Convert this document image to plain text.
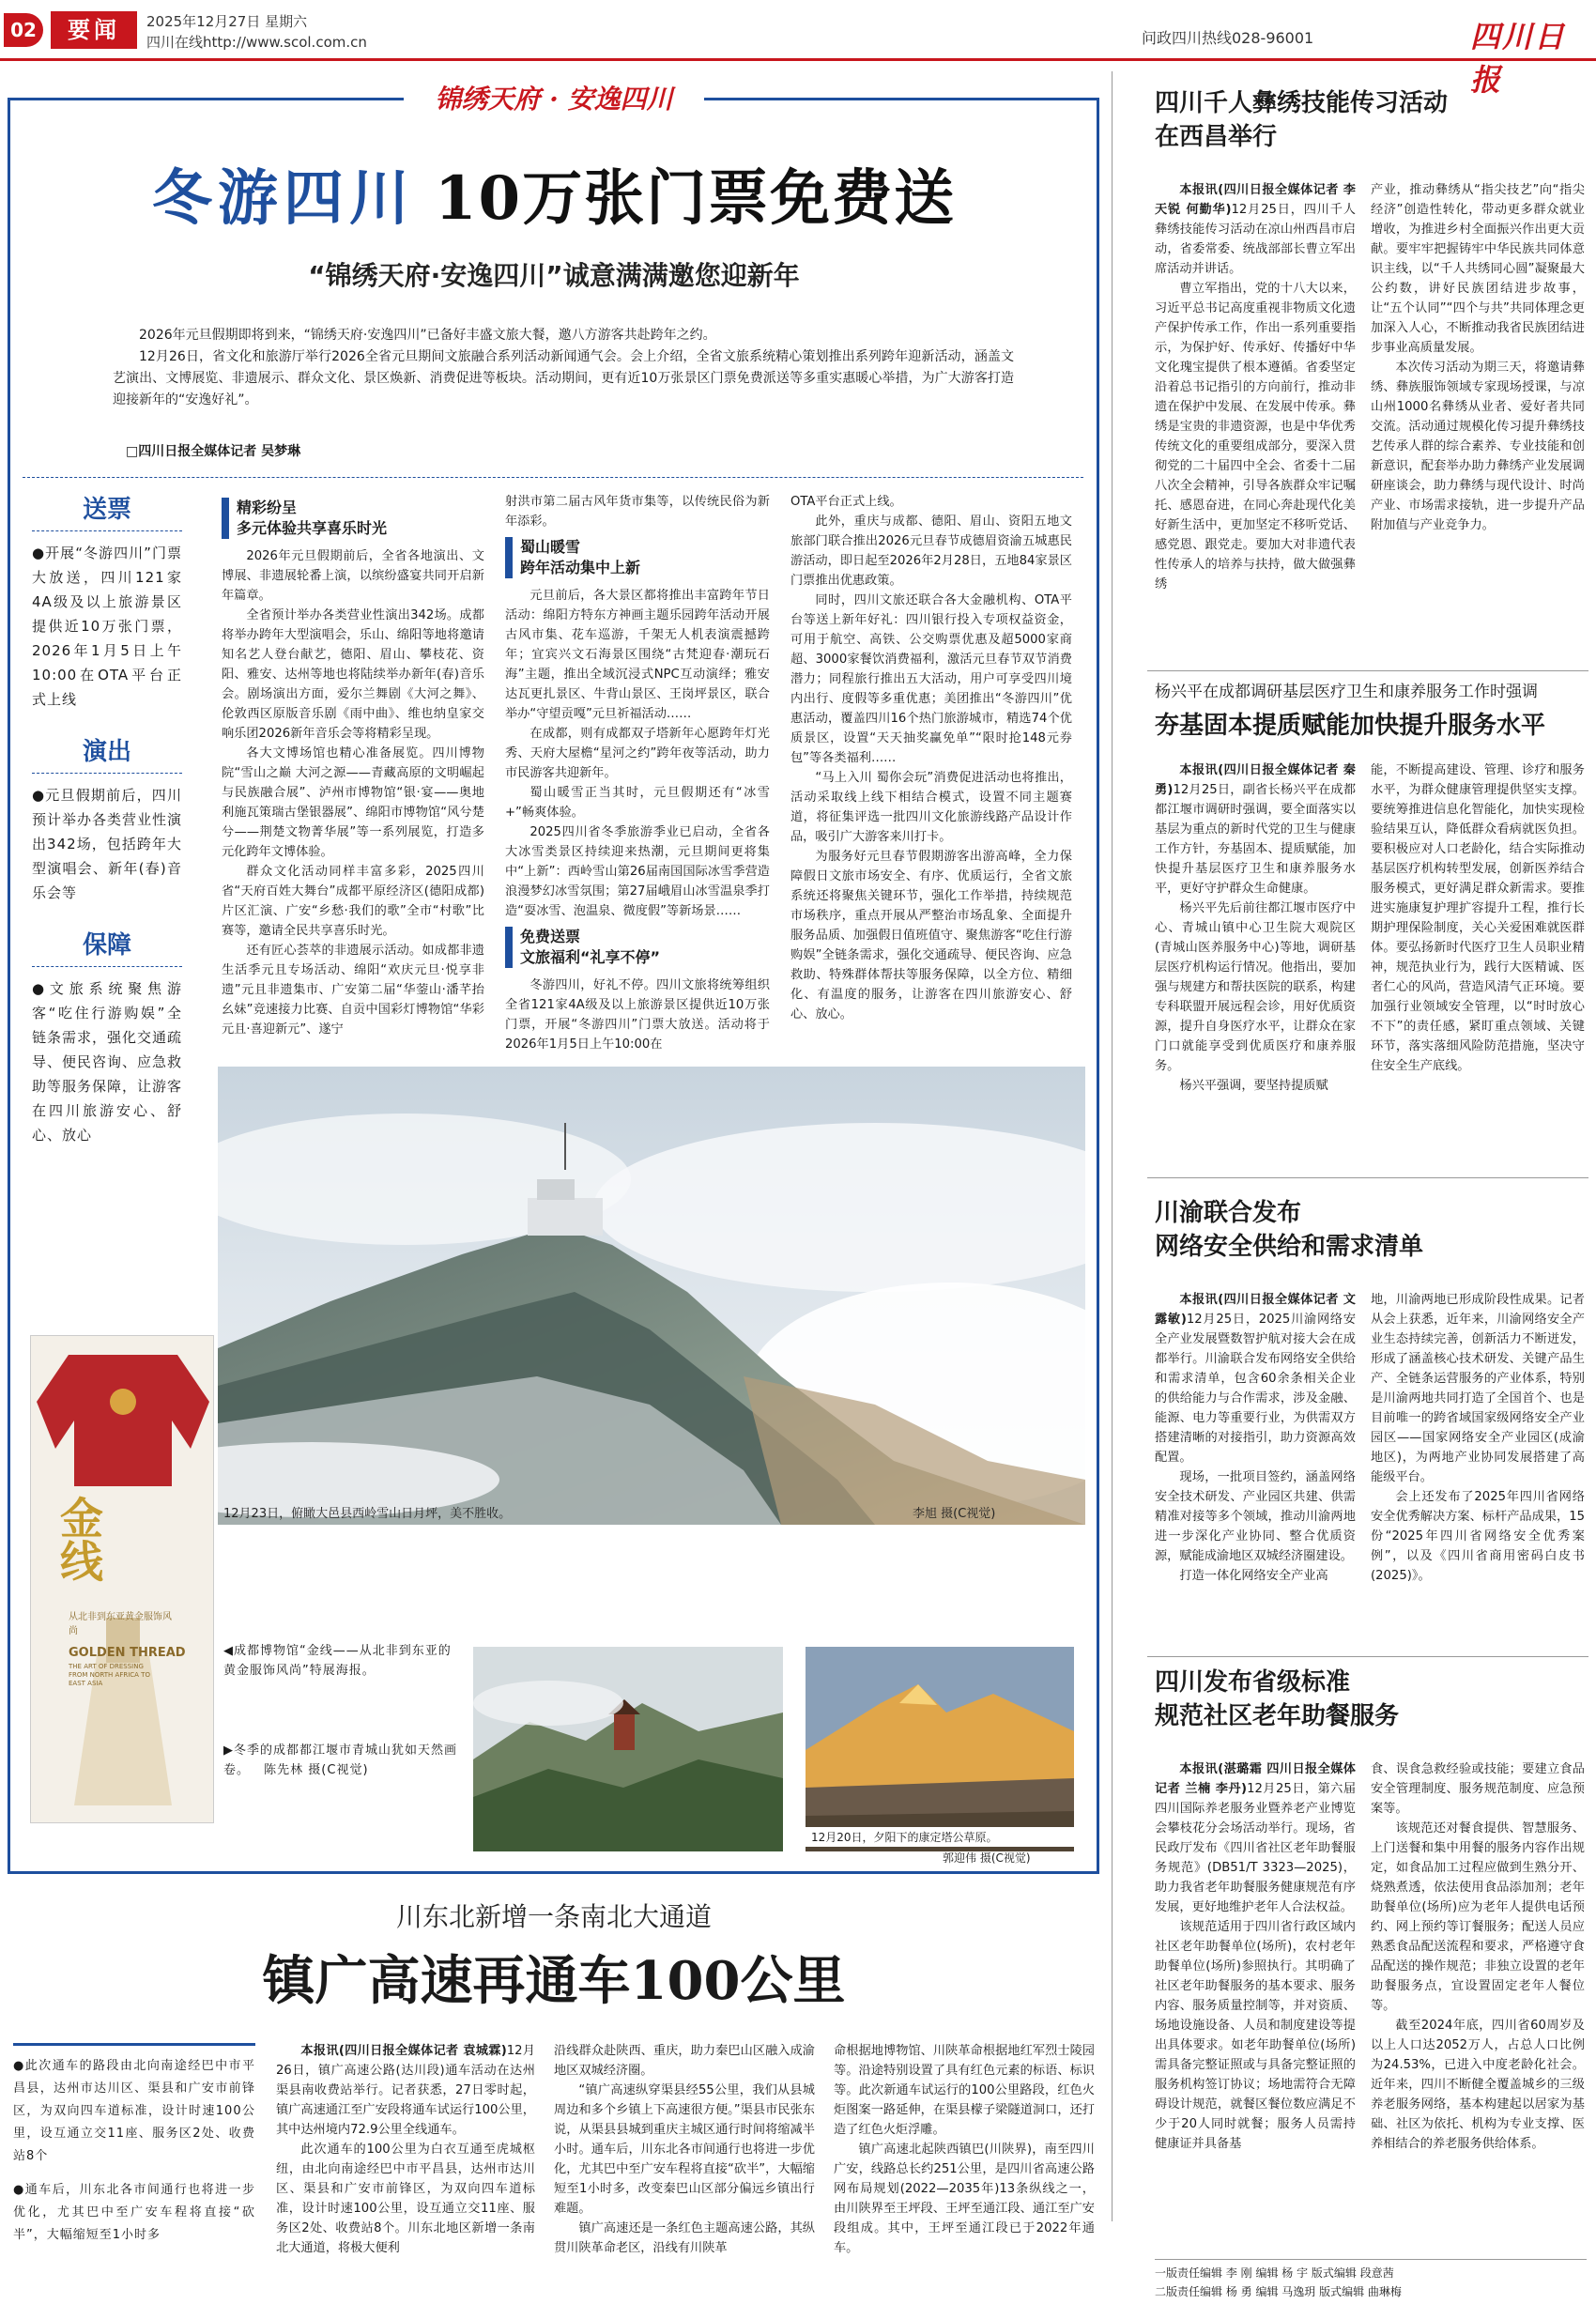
02	要闻	2025年12月27日 星期六
四川在线http://www.scol.com.cn	问政四川热线028-96001	四川日报
锦绣天府 · 安逸四川
冬游四川 10万张门票免费送
“锦绣天府·安逸四川”诚意满满邀您迎新年

2026年元旦假期即将到来，“锦绣天府·安逸四川”已备好丰盛文旅大餐，邀八方游客共赴跨年之约。

12月26日，省文化和旅游厅举行2026全省元旦期间文旅融合系列活动新闻通气会。会上介绍，全省文旅系统精心策划推出系列跨年迎新活动，涵盖文艺演出、文博展览、非遗展示、群众文化、景区焕新、消费促进等板块。活动期间，更有近10万张景区门票免费派送等多重实惠暖心举措，为广大游客打造迎接新年的“安逸好礼”。

□四川日报全媒体记者 吴梦琳
送票
●开展“冬游四川”门票大放送，四川121家4A级及以上旅游景区提供近10万张门票，2026年1月5日上午10:00在OTA平台正式上线
演出
●元旦假期前后，四川预计举办各类营业性演出342场，包括跨年大型演唱会、新年(春)音乐会等
保障
●文旅系统聚焦游客“吃住行游购娱”全链条需求，强化交通疏导、便民咨询、应急救助等服务保障，让游客在四川旅游安心、舒心、放心
精彩纷呈
多元体验共享喜乐时光

2026年元旦假期前后，全省各地演出、文博展、非遗展轮番上演，以缤纷盛宴共同开启新年篇章。

全省预计举办各类营业性演出342场。成都将举办跨年大型演唱会，乐山、绵阳等地将邀请知名艺人登台献艺，德阳、眉山、攀枝花、资阳、雅安、达州等地也将陆续举办新年(春)音乐会。剧场演出方面，爱尔兰舞剧《大河之舞》、伦敦西区原版音乐剧《雨中曲》、维也纳皇家交响乐团2026新年音乐会等将精彩呈现。

各大文博场馆也精心准备展览。四川博物院“雪山之巅 大河之源——青藏高原的文明崛起与民族融合展”、泸州市博物馆“银·宴——奥地利施瓦策瑞古堡银器展”、绵阳市博物馆“风兮楚兮——荆楚文物菁华展”等一系列展览，打造多元化跨年文博体验。

群众文化活动同样丰富多彩，2025四川省“天府百姓大舞台”成都平原经济区(德阳成都)片区汇演、广安“乡愁·我们的歌”全市“村歌”比赛等，邀请全民共享喜乐时光。

还有匠心荟萃的非遗展示活动。如成都非遗生活季元且专场活动、绵阳“欢庆元旦·悦享非遗”元且非遗集市、广安第二届“华蓥山·潘芊抬幺妹”竞速接力比赛、自贡中国彩灯博物馆“华彩元且·喜迎新元”、遂宁

射洪市第二届古风年货市集等，以传统民俗为新年添彩。

蜀山暖雪
跨年活动集中上新

元旦前后，各大景区都将推出丰富跨年节日活动：绵阳方特东方神画主题乐园跨年活动开展古风市集、花车巡游，千架无人机表演震撼跨年；宜宾兴文石海景区围绕“古梵迎春·潮玩石海”主题，推出全域沉浸式NPC互动演绎；雅安达瓦更扎景区、牛背山景区、王岗坪景区，联合举办“守望贡嘎”元旦祈福活动……

在成都，则有成都双子塔新年心愿跨年灯光秀、天府大屋檐“星河之约”跨年夜等活动，助力市民游客共迎新年。

蜀山暖雪正当其时，元旦假期还有“冰雪+”畅爽体验。

2025四川省冬季旅游季业已启动，全省各大冰雪类景区持续迎来热潮，元旦期间更将集中“上新”：西岭雪山第26届南国国际冰雪季营造浪漫梦幻冰雪氛围；第27届峨眉山冰雪温泉季打造“耍冰雪、泡温泉、微度假”等新场景……

免费送票
文旅福利“礼享不停”

冬游四川，好礼不停。四川文旅将统筹组织全省121家4A级及以上旅游景区提供近10万张门票，开展“冬游四川”门票大放送。活动将于2026年1月5日上午10:00在

OTA平台正式上线。

此外，重庆与成都、德阳、眉山、资阳五地文旅部门联合推出2026元旦春节成德眉资渝五城惠民游活动，即日起至2026年2月28日，五地84家景区门票推出优惠政策。

同时，四川文旅还联合各大金融机构、OTA平台等送上新年好礼：四川银行投入专项权益资金，可用于航空、高铁、公交购票优惠及超5000家商超、3000家餐饮消费福利，激活元旦春节双节消费潜力；同程旅行推出五大活动，用户可享受四川境内出行、度假等多重优惠；美团推出“冬游四川”优惠活动，覆盖四川16个热门旅游城市，精选74个优质景区，设置“天天抽奖赢免单”“限时抢148元券包”等各类福利……

“马上入川 蜀你会玩”消费促进活动也将推出，活动采取线上线下相结合模式，设置不同主题赛道，将征集评选一批四川文化旅游线路产品设计作品，吸引广大游客来川打卡。

为服务好元旦春节假期游客出游高峰，全力保障假日文旅市场安全、有序、优质运行，全省文旅系统还将聚焦关键环节，强化工作举措，持续规范市场秩序，重点开展从严整治市场乱象、全面提升服务品质、加强假日值班值守、聚焦游客“吃住行游购娱”全链条需求，强化交通疏导、便民咨询、应急救助、特殊群体帮扶等服务保障，以全方位、精细化、有温度的服务，让游客在四川旅游安心、舒心、放心。

12月23日，俯瞰大邑县西岭雪山日月坪，美不胜收。	李旭 摄(C视觉)
金线
从北非到东亚黄金服饰风尚
GOLDEN THREAD
THE ART OF DRESSING FROM NORTH AFRICA TO EAST ASIA
◀成都博物馆“金线——从北非到东亚的黄金服饰风尚”特展海报。
▶冬季的成都都江堰市青城山犹如天然画卷。 陈先林 摄(C视觉)
12月20日，夕阳下的康定塔公草原。
郭迎伟 摄(C视觉)
川东北新增一条南北大通道
镇广高速再通车100公里
●此次通车的路段由北向南途经巴中市平昌县，达州市达川区、渠县和广安市前锋区，为双向四车道标准，设计时速100公里，设互通立交11座、服务区2处、收费站8个
●通车后，川东北各市间通行也将进一步优化，尤其巴中至广安车程将直接“砍半”，大幅缩短至1小时多

本报讯(四川日报全媒体记者 袁城霖)12月26日，镇广高速公路(达川段)通车活动在达州渠县南收费站举行。记者获悉，27日零时起，镇广高速通江至广安段将通车试运行100公里，其中达州境内72.9公里全线通车。

此次通车的100公里为白衣互通至虎城枢纽，由北向南途经巴中市平昌县，达州市达川区、渠县和广安市前锋区，为双向四车道标准，设计时速100公里，设互通立交11座、服务区2处、收费站8个。川东北地区新增一条南北大通道，将极大便利

沿线群众赴陕西、重庆，助力秦巴山区融入成渝地区双城经济圈。

“镇广高速纵穿渠县经55公里，我们从县城周边和多个乡镇上下高速很方便。”渠县市民张东说，从渠县县城到重庆主城区通行时间将缩减半小时。通车后，川东北各市间通行也将进一步优化，尤其巴中至广安车程将直接“砍半”，大幅缩短至1小时多，改变秦巴山区部分偏远乡镇出行难题。

镇广高速还是一条红色主题高速公路，其纵贯川陕革命老区，沿线有川陕革

命根据地博物馆、川陕革命根据地红军烈士陵园等。沿途特别设置了具有红色元素的标语、标识等。此次新通车试运行的100公里路段，红色火炬图案一路延伸，在渠县檬子梁隧道洞口，还打造了红色火炬浮雕。

镇广高速北起陕西镇巴(川陕界)，南至四川广安，线路总长约251公里，是四川省高速公路网布局规划(2022—2035年)13条纵线之一，由川陕界至王坪段、王坪至通江段、通江至广安段组成。其中，王坪至通江段已于2022年通车。

四川千人彝绣技能传习活动
在西昌举行

本报讯(四川日报全媒体记者 李天锐 何勤华)12月25日，四川千人彝绣技能传习活动在凉山州西昌市启动，省委常委、统战部部长曹立军出席活动并讲话。

曹立军指出，党的十八大以来，习近平总书记高度重视非物质文化遗产保护传承工作，作出一系列重要指示，为保护好、传承好、传播好中华文化瑰宝提供了根本遵循。省委坚定沿着总书记指引的方向前行，推动非遗在保护中发展、在发展中传承。彝绣是宝贵的非遗资源，也是中华优秀传统文化的重要组成部分，要深入贯彻党的二十届四中全会、省委十二届八次全会精神，引导各族群众牢记嘱托、感恩奋进，在同心奔赴现代化美好新生活中，更加坚定不移听党话、感党恩、跟党走。要加大对非遗代表性传承人的培养与扶持，做大做强彝绣

产业，推动彝绣从“指尖技艺”向“指尖经济”创造性转化，带动更多群众就业增收，为推进乡村全面振兴作出更大贡献。要牢牢把握铸牢中华民族共同体意识主线，以“千人共绣同心圆”凝聚最大公约数，讲好民族团结进步故事，让“五个认同”“四个与共”共同体理念更加深入人心，不断推动我省民族团结进步事业高质量发展。

本次传习活动为期三天，将邀请彝绣、彝族服饰领域专家现场授课，与凉山州1000名彝绣从业者、爱好者共同交流。活动通过规模化传习提升彝绣技艺传承人群的综合素养、专业技能和创新意识，配套举办助力彝绣产业发展调研座谈会，助力彝绣与现代设计、时尚产业、市场需求接轨，进一步提升产品附加值与产业竞争力。

杨兴平在成都调研基层医疗卫生和康养服务工作时强调
夯基固本提质赋能加快提升服务水平

本报讯(四川日报全媒体记者 秦勇)12月25日，副省长杨兴平在成都都江堰市调研时强调，要全面落实以基层为重点的新时代党的卫生与健康工作方针，夯基固本、提质赋能，加快提升基层医疗卫生和康养服务水平，更好守护群众生命健康。

杨兴平先后前往都江堰市医疗中心、青城山镇中心卫生院大观院区(青城山医养服务中心)等地，调研基层医疗机构运行情况。他指出，要加强与规建方和帮扶医院的联系，构建专科联盟开展远程会诊，用好优质资源，提升自身医疗水平，让群众在家门口就能享受到优质医疗和康养服务。

杨兴平强调，要坚持提质赋

能，不断提高建设、管理、诊疗和服务水平，为群众健康管理提供坚实支撑。要统筹推进信息化智能化，加快实现检验结果互认，降低群众看病就医负担。要积极应对人口老龄化，结合实际推动基层医疗机构转型发展，创新医养结合服务模式，更好满足群众新需求。要推进实施康复护理扩容提升工程，推行长期护理保险制度，关心关爱困难就医群体。要弘扬新时代医疗卫生人员职业精神，规范执业行为，践行大医精诚、医者仁心的风尚，营造风清气正环境。要加强行业领域安全管理，以“时时放心不下”的责任感，紧盯重点领域、关键环节，落实落细风险防范措施，坚决守住安全生产底线。

川渝联合发布
网络安全供给和需求清单

本报讯(四川日报全媒体记者 文露敏)12月25日，2025川渝网络安全产业发展暨数智护航对接大会在成都举行。川渝联合发布网络安全供给和需求清单，包含60余条相关企业的供给能力与合作需求，涉及金融、能源、电力等重要行业，为供需双方搭建清晰的对接指引，助力资源高效配置。

现场，一批项目签约，涵盖网络安全技术研发、产业园区共建、供需精准对接等多个领域，推动川渝两地进一步深化产业协同、整合优质资源，赋能成渝地区双城经济圈建设。

打造一体化网络安全产业高

地，川渝两地已形成阶段性成果。记者从会上获悉，近年来，川渝网络安全产业生态持续完善，创新活力不断迸发，形成了涵盖核心技术研发、关键产品生产、全链条运营服务的产业体系，特别是川渝两地共同打造了全国首个、也是目前唯一的跨省域国家级网络安全产业园区——国家网络安全产业园区(成渝地区)，为两地产业协同发展搭建了高能级平台。

会上还发布了2025年四川省网络安全优秀解决方案、标杆产品成果，15份“2025年四川省网络安全优秀案例”，以及《四川省商用密码白皮书(2025)》。

四川发布省级标准
规范社区老年助餐服务

本报讯(湛璐霜 四川日报全媒体记者 兰楠 李丹)12月25日，第六届四川国际养老服务业暨养老产业博览会攀枝花分会场活动举行。现场，省民政厅发布《四川省社区老年助餐服务规范》(DB51/T 3323—2025)，助力我省老年助餐服务健康规范有序发展，更好地维护老年人合法权益。

该规范适用于四川省行政区域内社区老年助餐单位(场所)，农村老年助餐单位(场所)参照执行。其明确了社区老年助餐服务的基本要求、服务内容、服务质量控制等，并对资质、场地设施设备、人员和制度建设等提出具体要求。如老年助餐单位(场所)需具备完整证照或与具备完整证照的服务机构签订协议；场地需符合无障碍设计规范，就餐区餐位数应满足不少于20人同时就餐；服务人员需持健康证并具备基

食、误食急救经验或技能；要建立食品安全管理制度、服务规范制度、应急预案等。

该规范还对餐食提供、智慧服务、上门送餐和集中用餐的服务内容作出规定，如食品加工过程应做到生熟分开、烧熟煮透，依法使用食品添加剂；老年助餐单位(场所)应为老年人提供电话预约、网上预约等订餐服务；配送人员应熟悉食品配送流程和要求，严格遵守食品配送的操作规范；非独立设置的老年助餐服务点，宜设置固定老年人餐位等。

截至2024年底，四川省60周岁及以上人口达2052万人，占总人口比例为24.53%，已进入中度老龄化社会。近年来，四川不断健全覆盖城乡的三级养老服务网络，基本构建起以居家为基础、社区为依托、机构为专业支撑、医养相结合的养老服务供给体系。

一版责任编辑 李 刚 编辑 杨 宇 版式编辑 段意茜
二版责任编辑 杨 勇 编辑 马逸玥 版式编辑 曲琳梅
